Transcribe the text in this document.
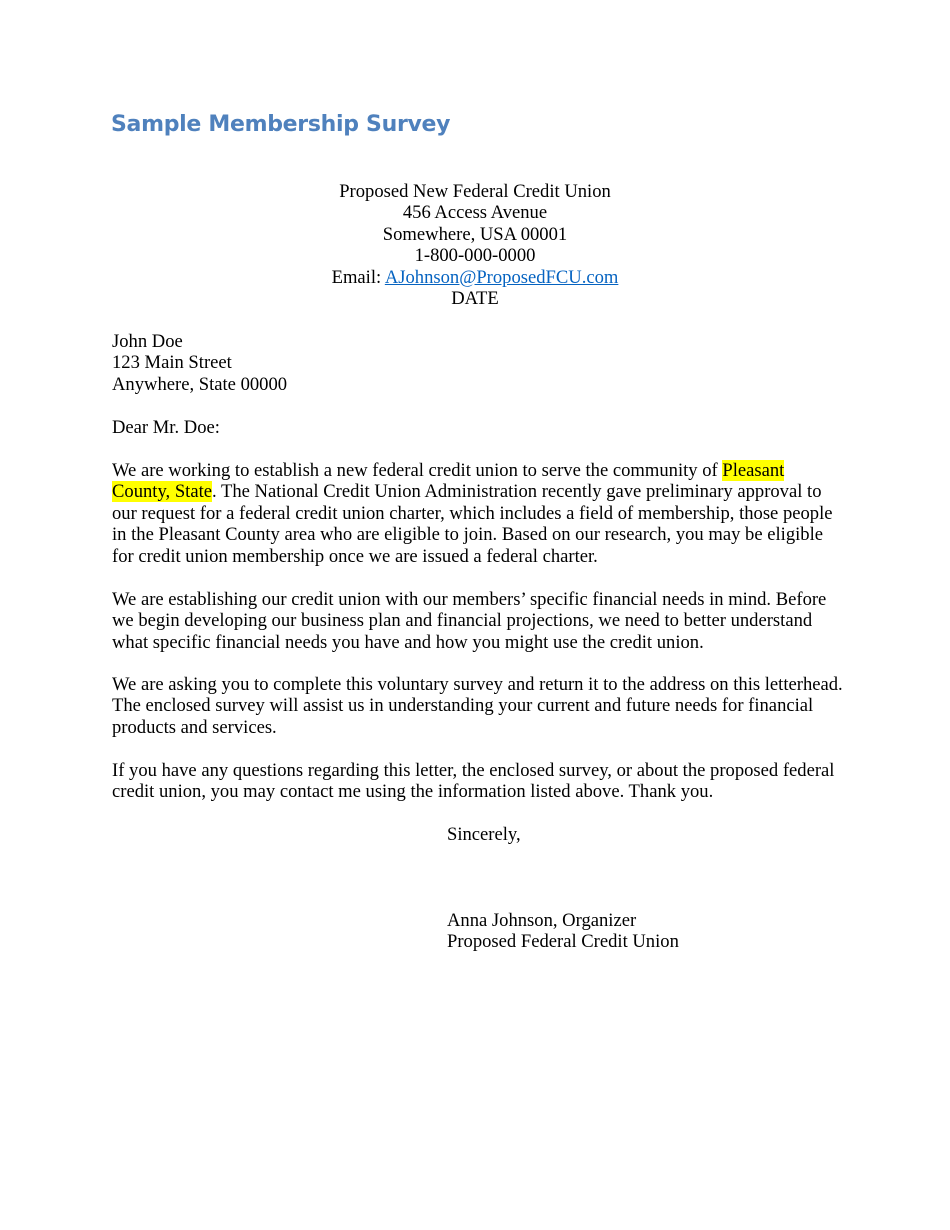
Sample Membership Survey
Proposed New Federal Credit Union
456 Access Avenue
Somewhere, USA 00001
1-800-000-0000
Email: AJohnson@ProposedFCU.com
DATE
John Doe
123 Main Street
Anywhere, State 00000
Dear Mr. Doe:

We are working to establish a new federal credit union to serve the community of Pleasant County, State. The National Credit Union Administration recently gave preliminary approval to our request for a federal credit union charter, which includes a field of membership, those people in the Pleasant County area who are eligible to join. Based on our research, you may be eligible for credit union membership once we are issued a federal charter.

We are establishing our credit union with our members’ specific financial needs in mind. Before we begin developing our business plan and financial projections, we need to better understand what specific financial needs you have and how you might use the credit union.

We are asking you to complete this voluntary survey and return it to the address on this letterhead. The enclosed survey will assist us in understanding your current and future needs for financial products and services.

If you have any questions regarding this letter, the enclosed survey, or about the proposed federal credit union, you may contact me using the information listed above. Thank you.

Sincerely,
Anna Johnson, Organizer
Proposed Federal Credit Union
